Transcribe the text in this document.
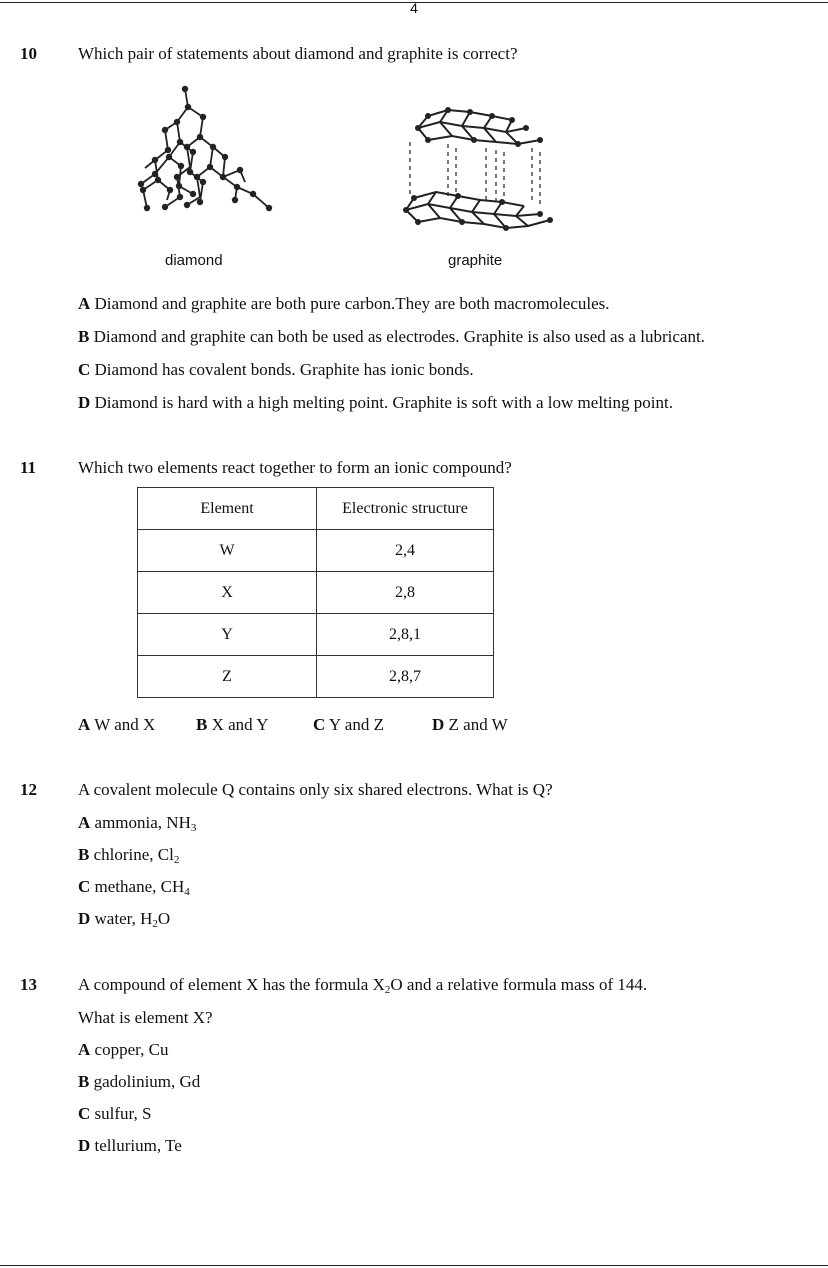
4
10 Which pair of statements about diamond and graphite is correct?
diamond	graphite
A Diamond and graphite are both pure carbon.They are both macromolecules.
B Diamond and graphite can both be used as electrodes. Graphite is also used as a lubricant.
C Diamond has covalent bonds. Graphite has ionic bonds.
D Diamond is hard with a high melting point. Graphite is soft with a low melting point.
11 Which two elements react together to form an ionic compound?
Element	Electronic structure
W	2,4
X	2,8
Y	2,8,1
Z	2,8,7
A W and X B X and Y	C Y and Z	D Z and W
12 A covalent molecule Q contains only six shared electrons. What is Q?
A ammonia, $NH_3$
B chlorine, $Cl_2$
C methane, $CH_4$
D water, $H_2O$
13 A compound of element X has the formula $X_2O$ and a relative formula mass of 144.
What is element X?
A copper, Cu
B gadolinium, Gd
C sulfur, S
D tellurium, Te
